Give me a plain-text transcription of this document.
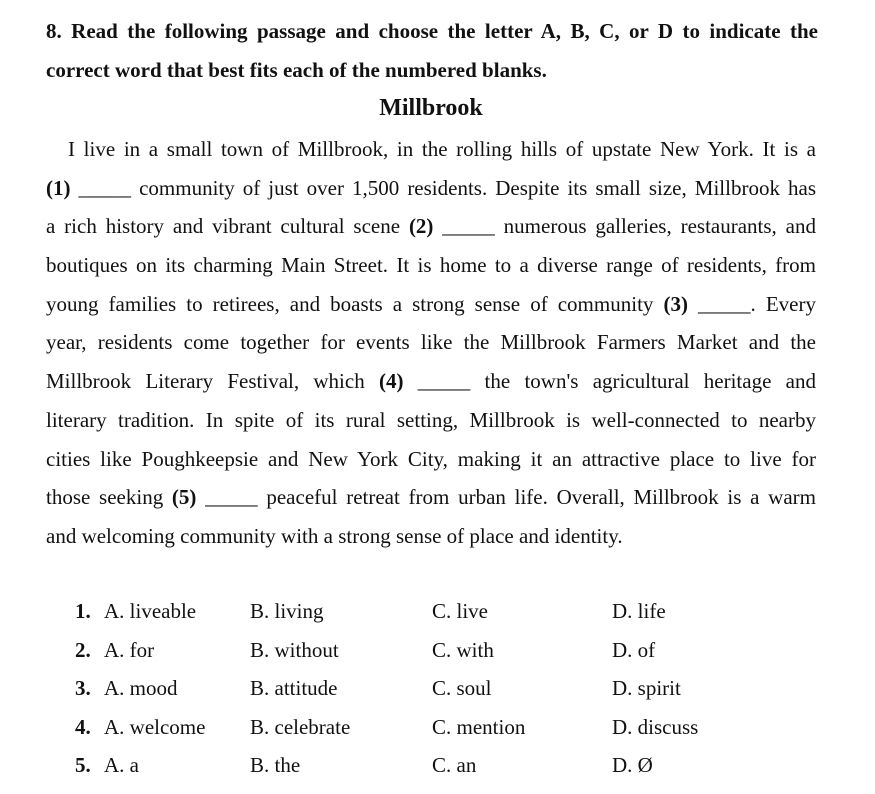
8. Read the following passage and choose the letter A, B, C, or D to indicate the
correct word that best fits each of the numbered blanks.
Millbrook
I live in a small town of Millbrook, in the rolling hills of upstate New York. It is a
(1) _____ community of just over 1,500 residents. Despite its small size, Millbrook has
a rich history and vibrant cultural scene (2) _____ numerous galleries, restaurants, and
boutiques on its charming Main Street. It is home to a diverse range of residents, from
young families to retirees, and boasts a strong sense of community (3) _____. Every
year, residents come together for events like the Millbrook Farmers Market and the
Millbrook Literary Festival, which (4) _____ the town's agricultural heritage and
literary tradition. In spite of its rural setting, Millbrook is well-connected to nearby
cities like Poughkeepsie and New York City, making it an attractive place to live for
those seeking (5) _____ peaceful retreat from urban life. Overall, Millbrook is a warm
and welcoming community with a strong sense of place and identity.
1. A. liveable	B. living	C. live	D. life
2. A. for	B. without	C. with	D. of
3. A. mood	B. attitude	C. soul	D. spirit
4. A. welcome B. celebrate	C. mention	D. discuss
5. A. a	B. the	C. an	D. Ø
